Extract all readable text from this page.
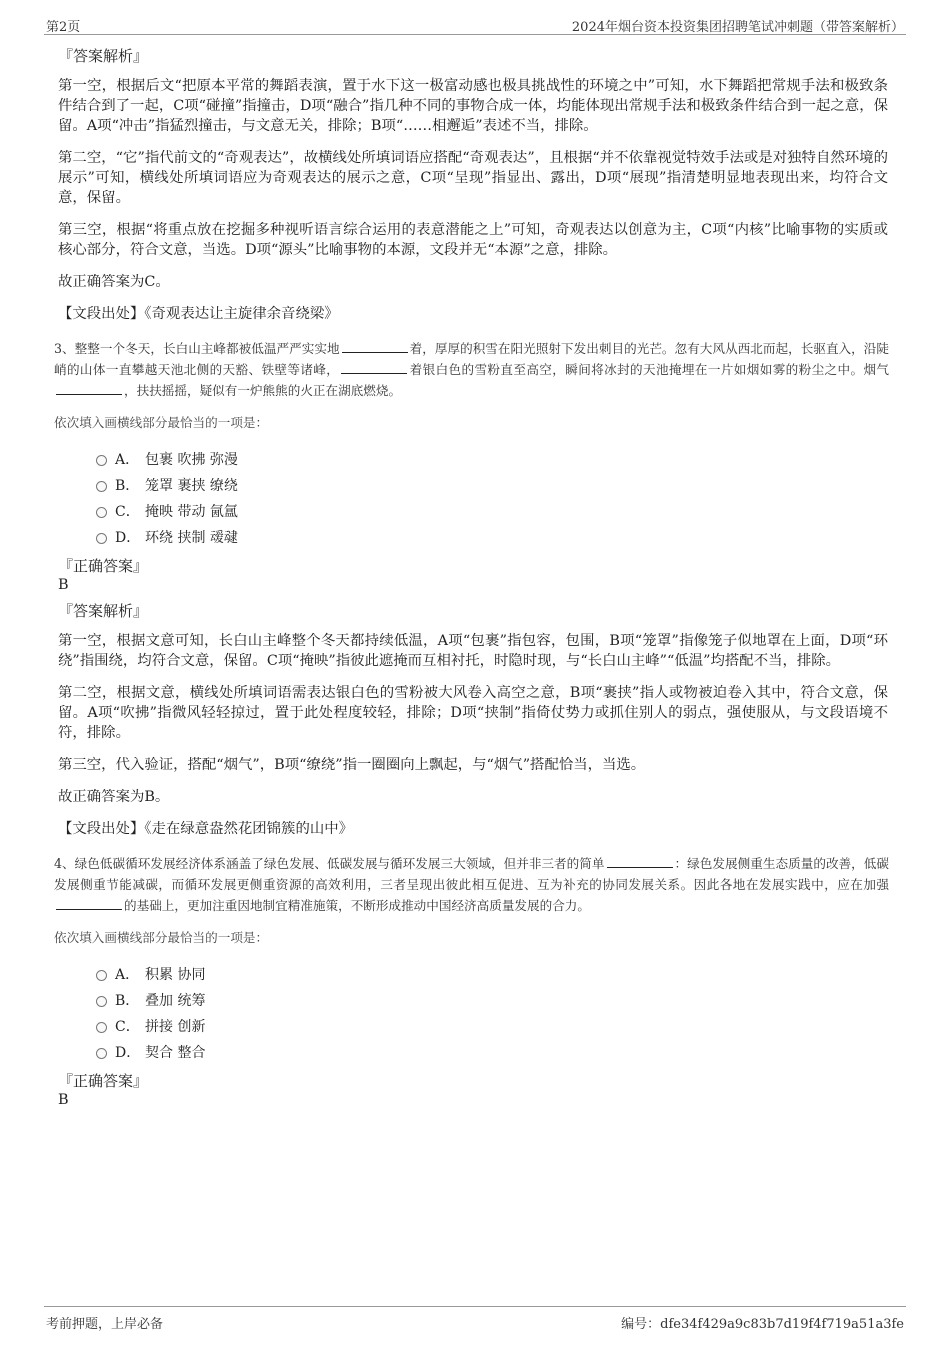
第2页	2024年烟台资本投资集团招聘笔试冲刺题（带答案解析）
『答案解析』

第一空，根据后文“把原本平常的舞蹈表演，置于水下这一极富动感也极具挑战性的环境之中”可知，水下舞蹈把常规手法和极致条件结合到了一起，C项“碰撞”指撞击，D项“融合”指几种不同的事物合成一体，均能体现出常规手法和极致条件结合到一起之意，保留。A项“冲击”指猛烈撞击，与文意无关，排除；B项“……相邂逅”表述不当，排除。

第二空，“它”指代前文的“奇观表达”，故横线处所填词语应搭配“奇观表达”，且根据“并不依靠视觉特效手法或是对独特自然环境的展示”可知，横线处所填词语应为奇观表达的展示之意，C项“呈现”指显出、露出，D项“展现”指清楚明显地表现出来，均符合文意，保留。

第三空，根据“将重点放在挖掘多种视听语言综合运用的表意潜能之上”可知，奇观表达以创意为主，C项“内核”比喻事物的实质或核心部分，符合文意，当选。D项“源头”比喻事物的本源，文段并无“本源”之意，排除。

故正确答案为C。

【文段出处】《奇观表达让主旋律余音绕梁》

3、整整一个冬天，长白山主峰都被低温严严实实地	着，厚厚的积雪在阳光照射下发出刺目的光芒。忽有大风从西北而起，长驱直入，沿陡峭的山体一直攀越天池北侧的天豁、铁壁等诸峰，	着银白色的雪粉直至高空，瞬间将冰封的天池掩埋在一片如烟如雾的粉尘之中。烟气，扶扶摇摇，疑似有一炉熊熊的火正在湖底燃烧。

依次填入画横线部分最恰当的一项是：

A． 包裹 吹拂 弥漫
B． 笼罩 裹挟 缭绕
C． 掩映 带动 氤氲
D． 环绕 挟制 叆叇
『正确答案』
B
『答案解析』

第一空，根据文意可知，长白山主峰整个冬天都持续低温，A项“包裹”指包容，包围，B项“笼罩”指像笼子似地罩在上面，D项“环绕”指围绕，均符合文意，保留。C项“掩映”指彼此遮掩而互相衬托，时隐时现，与“长白山主峰”“低温”均搭配不当，排除。

第二空，根据文意，横线处所填词语需表达银白色的雪粉被大风卷入高空之意，B项“裹挟”指人或物被迫卷入其中，符合文意，保留。A项“吹拂”指微风轻轻掠过，置于此处程度较轻，排除；D项“挟制”指倚仗势力或抓住别人的弱点，强使服从，与文段语境不符，排除。

第三空，代入验证，搭配“烟气”，B项“缭绕”指一圈圈向上飘起，与“烟气”搭配恰当，当选。

故正确答案为B。

【文段出处】《走在绿意盎然花团锦簇的山中》

4、绿色低碳循环发展经济体系涵盖了绿色发展、低碳发展与循环发展三大领域，但并非三者的简单	：绿色发展侧重生态质量的改善，低碳发展侧重节能减碳，而循环发展更侧重资源的高效利用，三者呈现出彼此相互促进、互为补充的协同发展关系。因此各地在发展实践中，应在加强的基础上，更加注重因地制宜精准施策，不断形成推动中国经济高质量发展的合力。

依次填入画横线部分最恰当的一项是：

A． 积累 协同
B． 叠加 统筹
C． 拼接 创新
D． 契合 整合
『正确答案』
B
考前押题，上岸必备	编号：dfe34f429a9c83b7d19f4f719a51a3fe
